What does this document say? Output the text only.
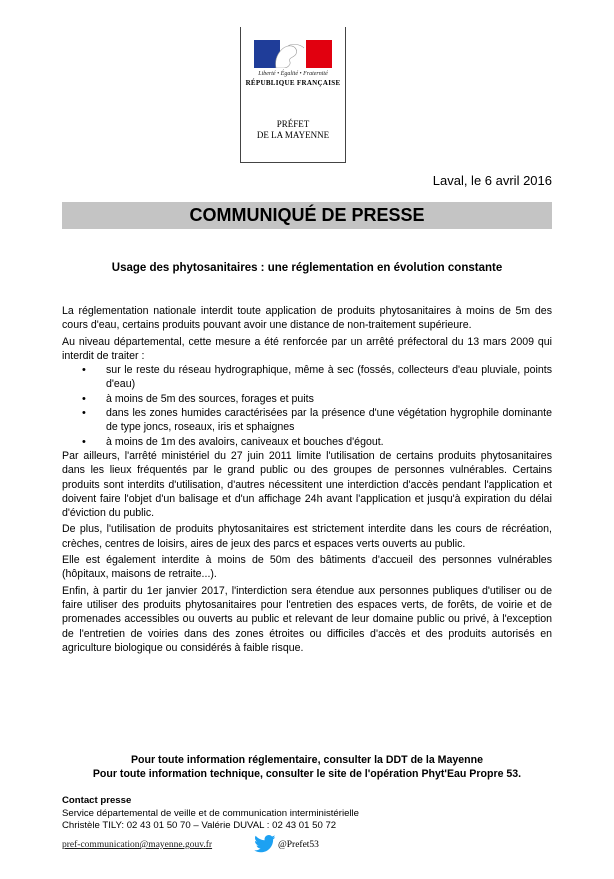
Liberté • Égalité • Fraternité
RÉPUBLIQUE FRANÇAISE
PRÉFET
DE LA MAYENNE
Laval, le 6 avril 2016
COMMUNIQUÉ DE PRESSE
Usage des phytosanitaires : une réglementation en évolution constante

La réglementation nationale interdit toute application de produits phytosanitaires à moins de 5m des cours d'eau, certains produits pouvant avoir une distance de non-traitement supérieure.

Au niveau départemental, cette mesure a été renforcée par un arrêté préfectoral du 13 mars 2009 qui interdit de traiter :

• sur le reste du réseau hydrographique, même à sec (fossés, collecteurs d'eau pluviale, points d'eau)
• à moins de 5m des sources, forages et puits
• dans les zones humides caractérisées par la présence d'une végétation hygrophile dominante de type joncs, roseaux, iris et sphaignes
• à moins de 1m des avaloirs, caniveaux et bouches d'égout.

Par ailleurs, l'arrêté ministériel du 27 juin 2011 limite l'utilisation de certains produits phytosanitaires dans les lieux fréquentés par le grand public ou des groupes de personnes vulnérables. Certains produits sont interdits d'utilisation, d'autres nécessitent une interdiction d'accès pendant l'application et doivent faire l'objet d'un balisage et d'un affichage 24h avant l'application et jusqu'à expiration du délai d'éviction du public.

De plus, l'utilisation de produits phytosanitaires est strictement interdite dans les cours de récréation, crèches, centres de loisirs, aires de jeux des parcs et espaces verts ouverts au public.

Elle est également interdite à moins de 50m des bâtiments d'accueil des personnes vulnérables (hôpitaux, maisons de retraite...).

Enfin, à partir du 1er janvier 2017, l'interdiction sera étendue aux personnes publiques d'utiliser ou de faire utiliser des produits phytosanitaires pour l'entretien des espaces verts, de forêts, de voirie et de promenades accessibles ou ouverts au public et relevant de leur domaine public ou privé, à l'exception de l'entretien de voiries dans des zones étroites ou difficiles d'accès et des produits autorisés en agriculture biologique ou considérés à faible risque.

Pour toute information réglementaire, consulter la DDT de la Mayenne
Pour toute information technique, consulter le site de l'opération Phyt'Eau Propre 53.
Contact presse
Service départemental de veille et de communication interministérielle
Christèle TILY: 02 43 01 50 70 – Valérie DUVAL : 02 43 01 50 72
pref-communication@mayenne.gouv.fr	@Prefet53
